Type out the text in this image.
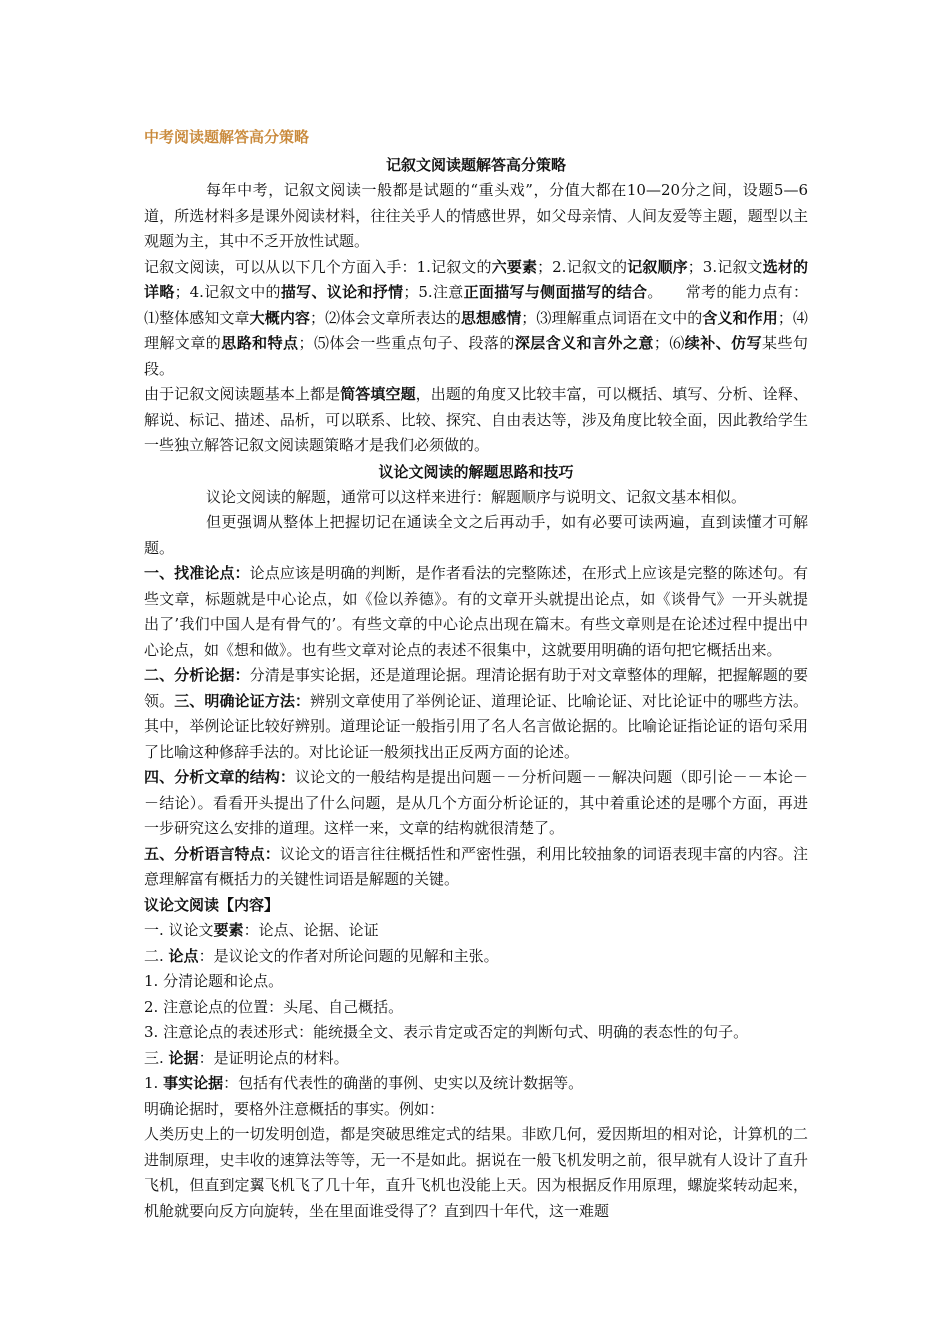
中考阅读题解答高分策略
记叙文阅读题解答高分策略

每年中考，记叙文阅读一般都是试题的“重头戏”，分值大都在10—20分之间，设题5—6道，所选材料多是课外阅读材料，往往关乎人的情感世界，如父母亲情、人间友爱等主题，题型以主观题为主，其中不乏开放性试题。

记叙文阅读，可以从以下几个方面入手：1.记叙文的六要素；2.记叙文的记叙顺序；3.记叙文选材的详略；4.记叙文中的描写、议论和抒情；5.注意正面描写与侧面描写的结合。　　常考的能力点有：⑴整体感知文章大概内容；⑵体会文章所表达的思想感情；⑶理解重点词语在文中的含义和作用；⑷理解文章的思路和特点；⑸体会一些重点句子、段落的深层含义和言外之意；⑹续补、仿写某些句段。

由于记叙文阅读题基本上都是简答填空题，出题的角度又比较丰富，可以概括、填写、分析、诠释、解说、标记、描述、品析，可以联系、比较、探究、自由表达等，涉及角度比较全面，因此教给学生一些独立解答记叙文阅读题策略才是我们必须做的。

议论文阅读的解题思路和技巧

议论文阅读的解题，通常可以这样来进行：解题顺序与说明文、记叙文基本相似。

但更强调从整体上把握切记在通读全文之后再动手，如有必要可读两遍，直到读懂才可解题。

一、找准论点：论点应该是明确的判断，是作者看法的完整陈述，在形式上应该是完整的陈述句。有些文章，标题就是中心论点，如《俭以养德》。有的文章开头就提出论点，如《谈骨气》一开头就提出了’我们中国人是有骨气的’。有些文章的中心论点出现在篇末。有些文章则是在论述过程中提出中心论点，如《想和做》。也有些文章对论点的表述不很集中，这就要用明确的语句把它概括出来。

二、分析论据：分清是事实论据，还是道理论据。理清论据有助于对文章整体的理解，把握解题的要领。三、明确论证方法：辨别文章使用了举例论证、道理论证、比喻论证、对比论证中的哪些方法。其中，举例论证比较好辨别。道理论证一般指引用了名人名言做论据的。比喻论证指论证的语句采用了比喻这种修辞手法的。对比论证一般须找出正反两方面的论述。

四、分析文章的结构：议论文的一般结构是提出问题－－分析问题－－解决问题（即引论－－本论－－结论）。看看开头提出了什么问题，是从几个方面分析论证的，其中着重论述的是哪个方面，再进一步研究这么安排的道理。这样一来，文章的结构就很清楚了。

五、分析语言特点：议论文的语言往往概括性和严密性强，利用比较抽象的词语表现丰富的内容。注意理解富有概括力的关键性词语是解题的关键。

议论文阅读【内容】

一. 议论文要素：论点、论据、论证

二. 论点：是议论文的作者对所论问题的见解和主张。

1. 分清论题和论点。

2. 注意论点的位置：头尾、自己概括。

3. 注意论点的表述形式：能统摄全文、表示肯定或否定的判断句式、明确的表态性的句子。

三. 论据：是证明论点的材料。

1. 事实论据：包括有代表性的确凿的事例、史实以及统计数据等。

明确论据时，要格外注意概括的事实。例如：

人类历史上的一切发明创造，都是突破思维定式的结果。非欧几何，爱因斯坦的相对论，计算机的二进制原理，史丰收的速算法等等，无一不是如此。据说在一般飞机发明之前，很早就有人设计了直升飞机，但直到定翼飞机飞了几十年，直升飞机也没能上天。因为根据反作用原理，螺旋桨转动起来，机舱就要向反方向旋转，坐在里面谁受得了？直到四十年代，这一难题
